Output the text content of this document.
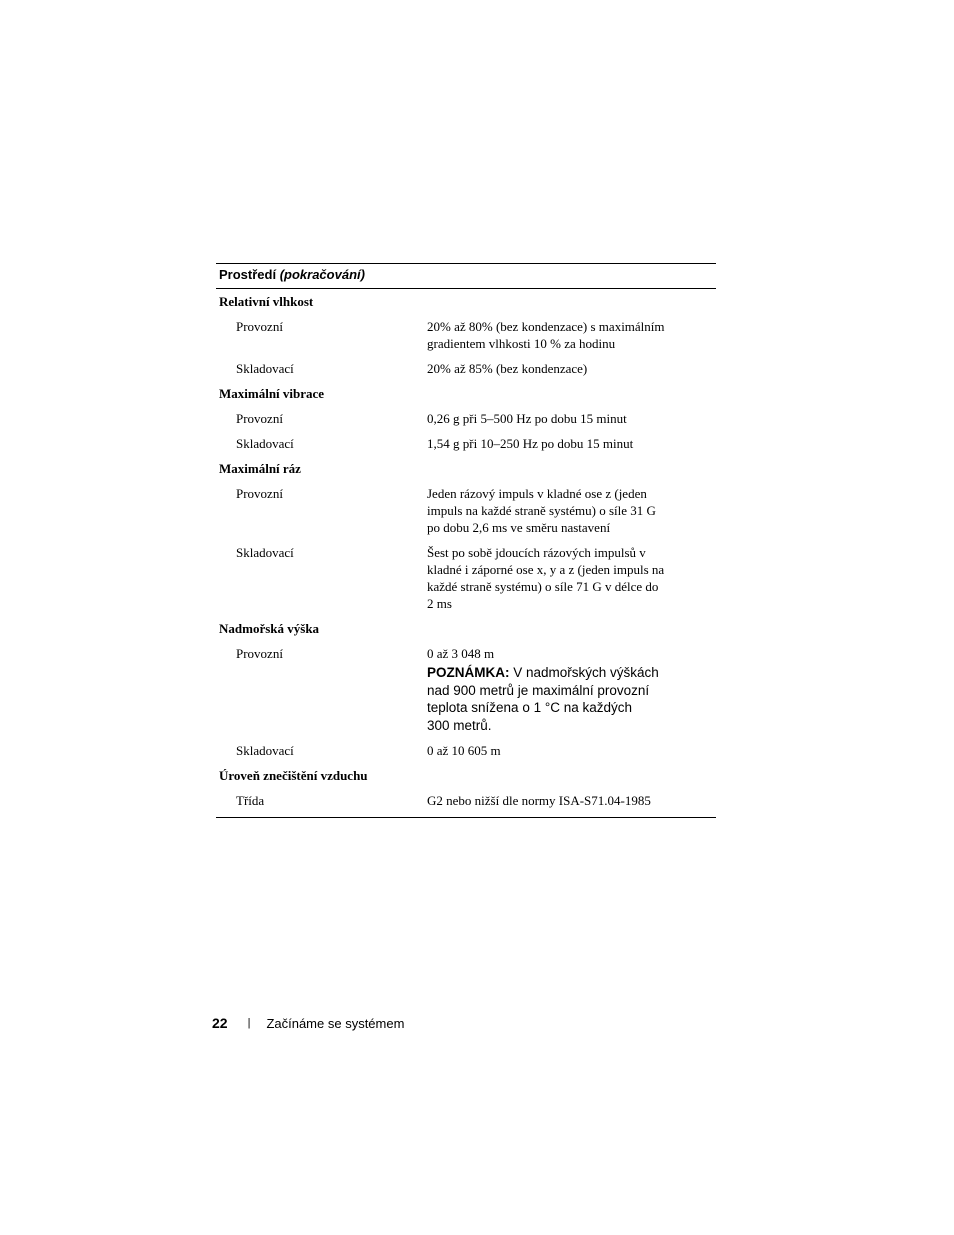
Prostředí (pokračování)
Relativní vlhkost
Provozní	20% až 80% (bez kondenzace) s maximálním
gradientem vlhkosti 10 % za hodinu
Skladovací	20% až 85% (bez kondenzace)
Maximální vibrace
Provozní	0,26 g při 5–500 Hz po dobu 15 minut
Skladovací	1,54 g při 10–250 Hz po dobu 15 minut
Maximální ráz
Provozní	Jeden rázový impuls v kladné ose z (jeden
impuls na každé straně systému) o síle 31 G
po dobu 2,6 ms ve směru nastavení
Skladovací	Šest po sobě jdoucích rázových impulsů v
kladné i záporné ose x, y a z (jeden impuls na
každé straně systému) o síle 71 G v délce do
2 ms
Nadmořská výška
Provozní	0 až 3 048 m
POZNÁMKA: V nadmořských výškách
nad 900 metrů je maximální provozní
teplota snížena o 1 °C na každých
300 metrů.
Skladovací	0 až 10 605 m
Úroveň znečištění vzduchu
Třída	G2 nebo nižší dle normy ISA-S71.04-1985
22 | Začínáme se systémem
